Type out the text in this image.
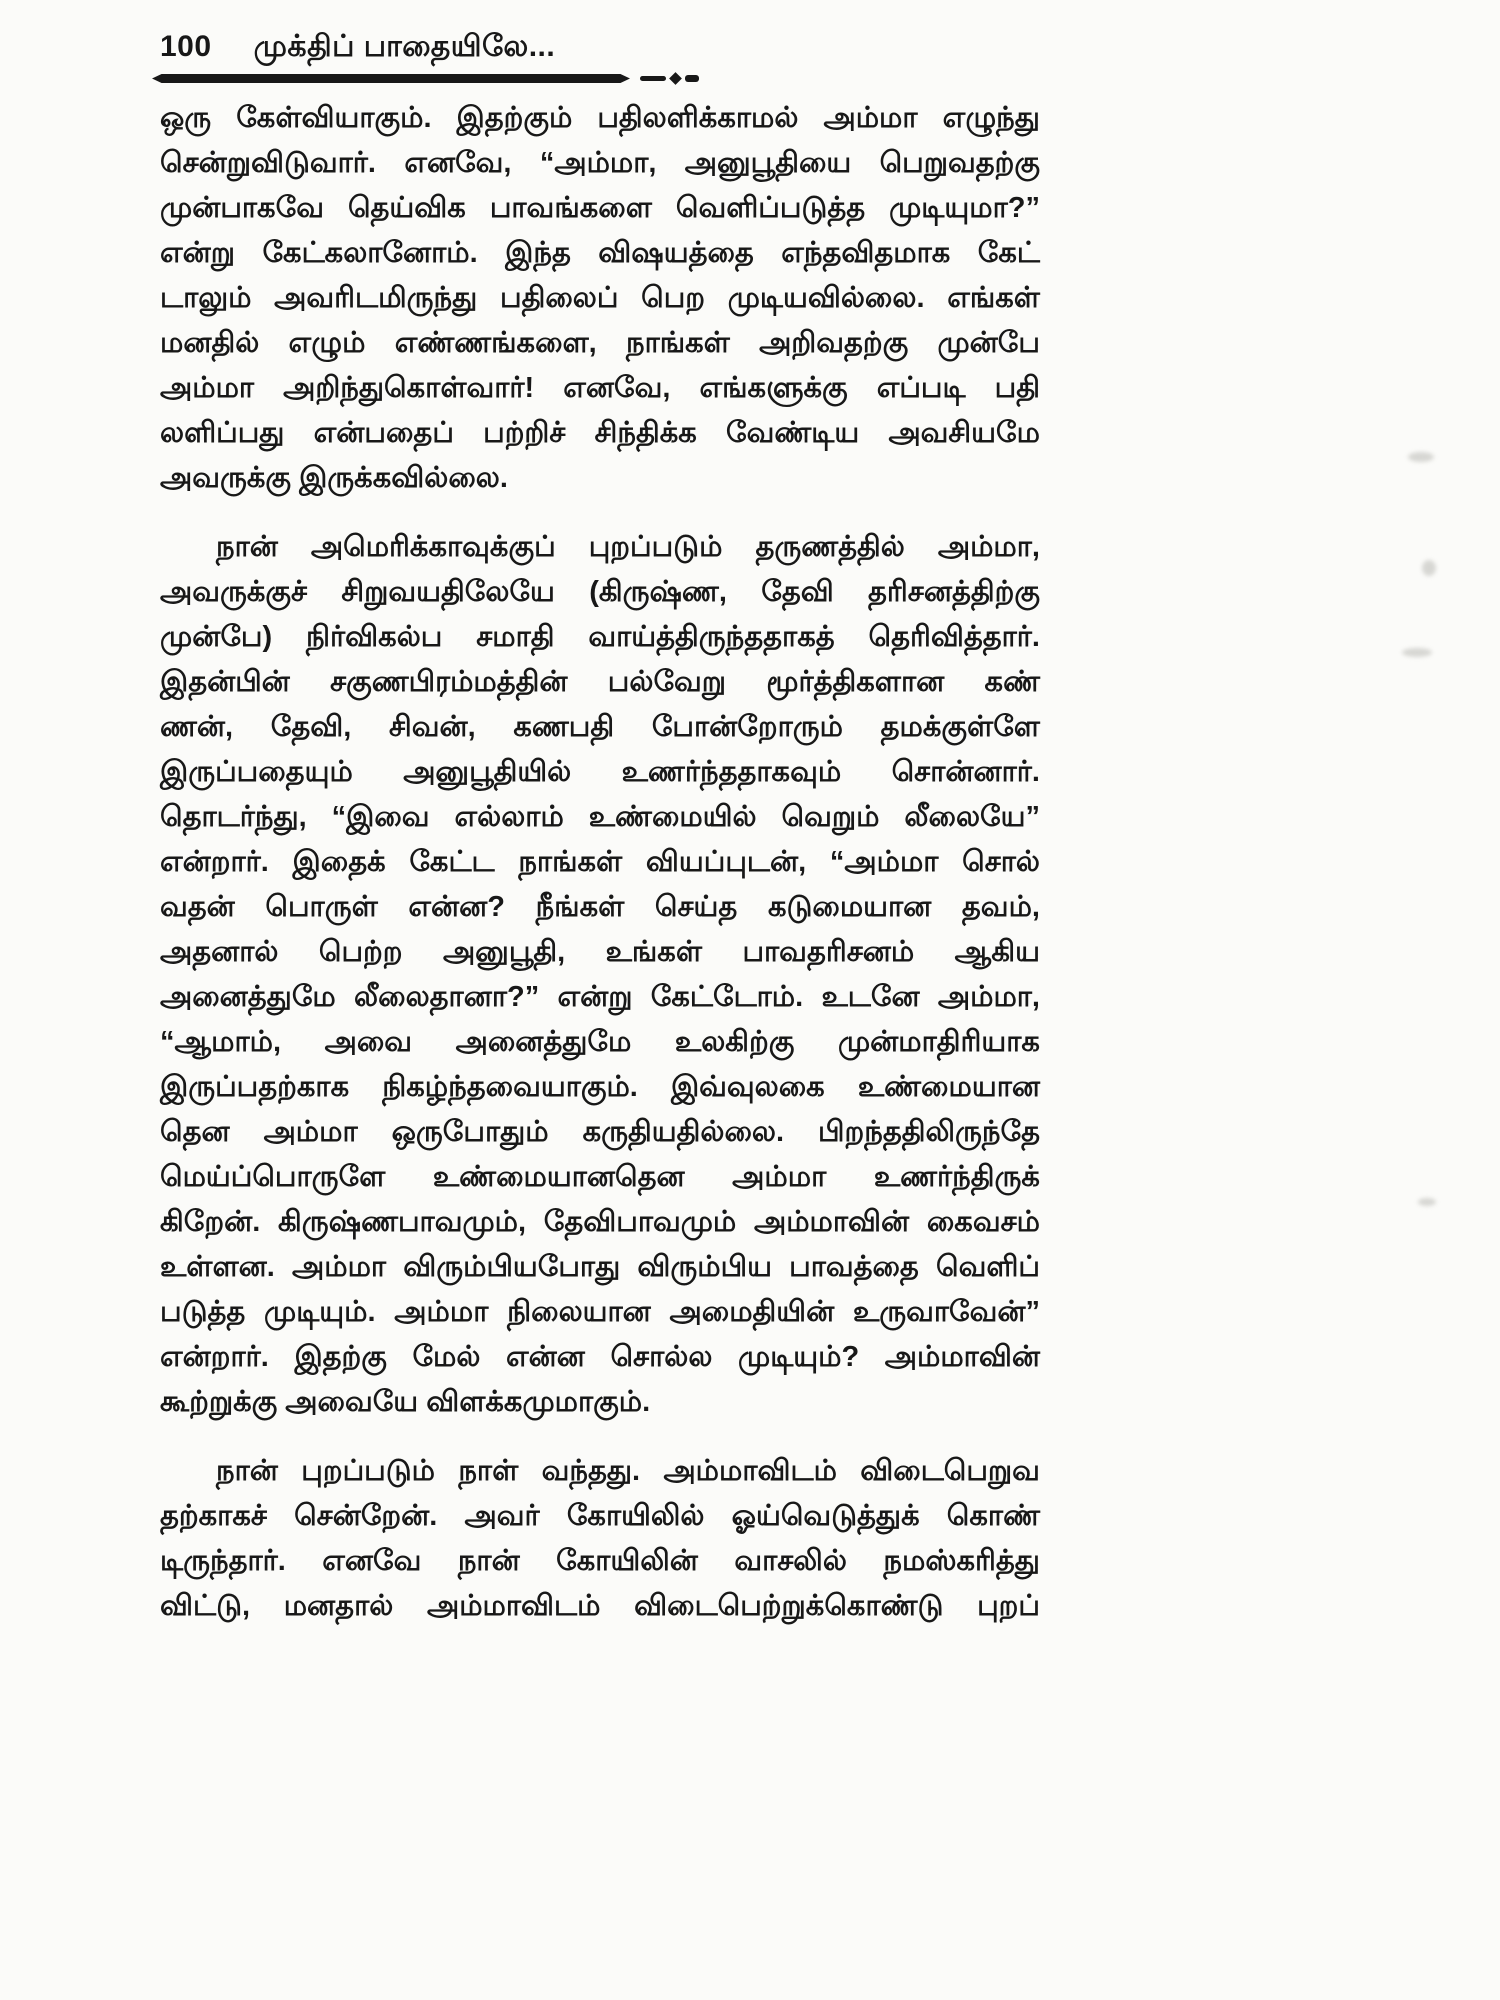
100 முக்திப் பாதையிலே...
ஒரு கேள்வியாகும். இதற்கும் பதிலளிக்காமல் அம்மா எழுந்து
சென்றுவிடுவார். எனவே, “அம்மா, அனுபூதியை பெறுவதற்கு
முன்பாகவே தெய்விக பாவங்களை வெளிப்படுத்த முடியுமா?”
என்று கேட்கலானோம். இந்த விஷயத்தை எந்தவிதமாக கேட்
டாலும் அவரிடமிருந்து பதிலைப் பெற முடியவில்லை. எங்கள்
மனதில் எழும் எண்ணங்களை, நாங்கள் அறிவதற்கு முன்பே
அம்மா அறிந்துகொள்வார்! எனவே, எங்களுக்கு எப்படி பதி
லளிப்பது என்பதைப் பற்றிச் சிந்திக்க வேண்டிய அவசியமே
அவருக்கு இருக்கவில்லை.
நான் அமெரிக்காவுக்குப் புறப்படும் தருணத்தில் அம்மா,
அவருக்குச் சிறுவயதிலேயே (கிருஷ்ண, தேவி தரிசனத்திற்கு
முன்பே) நிர்விகல்ப சமாதி வாய்த்திருந்ததாகத் தெரிவித்தார்.
இதன்பின் சகுணபிரம்மத்தின் பல்வேறு மூர்த்திகளான கண்
ணன், தேவி, சிவன், கணபதி போன்றோரும் தமக்குள்ளே
இருப்பதையும் அனுபூதியில் உணர்ந்ததாகவும் சொன்னார்.
தொடர்ந்து, “இவை எல்லாம் உண்மையில் வெறும் லீலையே”
என்றார். இதைக் கேட்ட நாங்கள் வியப்புடன், “அம்மா சொல்
வதன் பொருள் என்ன? நீங்கள் செய்த கடுமையான தவம்,
அதனால் பெற்ற அனுபூதி, உங்கள் பாவதரிசனம் ஆகிய
அனைத்துமே லீலைதானா?” என்று கேட்டோம். உடனே அம்மா,
“ஆமாம், அவை அனைத்துமே உலகிற்கு முன்மாதிரியாக
இருப்பதற்காக நிகழ்ந்தவையாகும். இவ்வுலகை உண்மையான
தென அம்மா ஒருபோதும் கருதியதில்லை. பிறந்ததிலிருந்தே
மெய்ப்பொருளே உண்மையானதென அம்மா உணர்ந்திருக்
கிறேன். கிருஷ்ணபாவமும், தேவிபாவமும் அம்மாவின் கைவசம்
உள்ளன. அம்மா விரும்பியபோது விரும்பிய பாவத்தை வெளிப்
படுத்த முடியும். அம்மா நிலையான அமைதியின் உருவாவேன்”
என்றார். இதற்கு மேல் என்ன சொல்ல முடியும்? அம்மாவின்
கூற்றுக்கு அவையே விளக்கமுமாகும்.
நான் புறப்படும் நாள் வந்தது. அம்மாவிடம் விடைபெறுவ
தற்காகச் சென்றேன். அவர் கோயிலில் ஓய்வெடுத்துக் கொண்
டிருந்தார். எனவே நான் கோயிலின் வாசலில் நமஸ்கரித்து
விட்டு, மனதால் அம்மாவிடம் விடைபெற்றுக்கொண்டு புறப்
